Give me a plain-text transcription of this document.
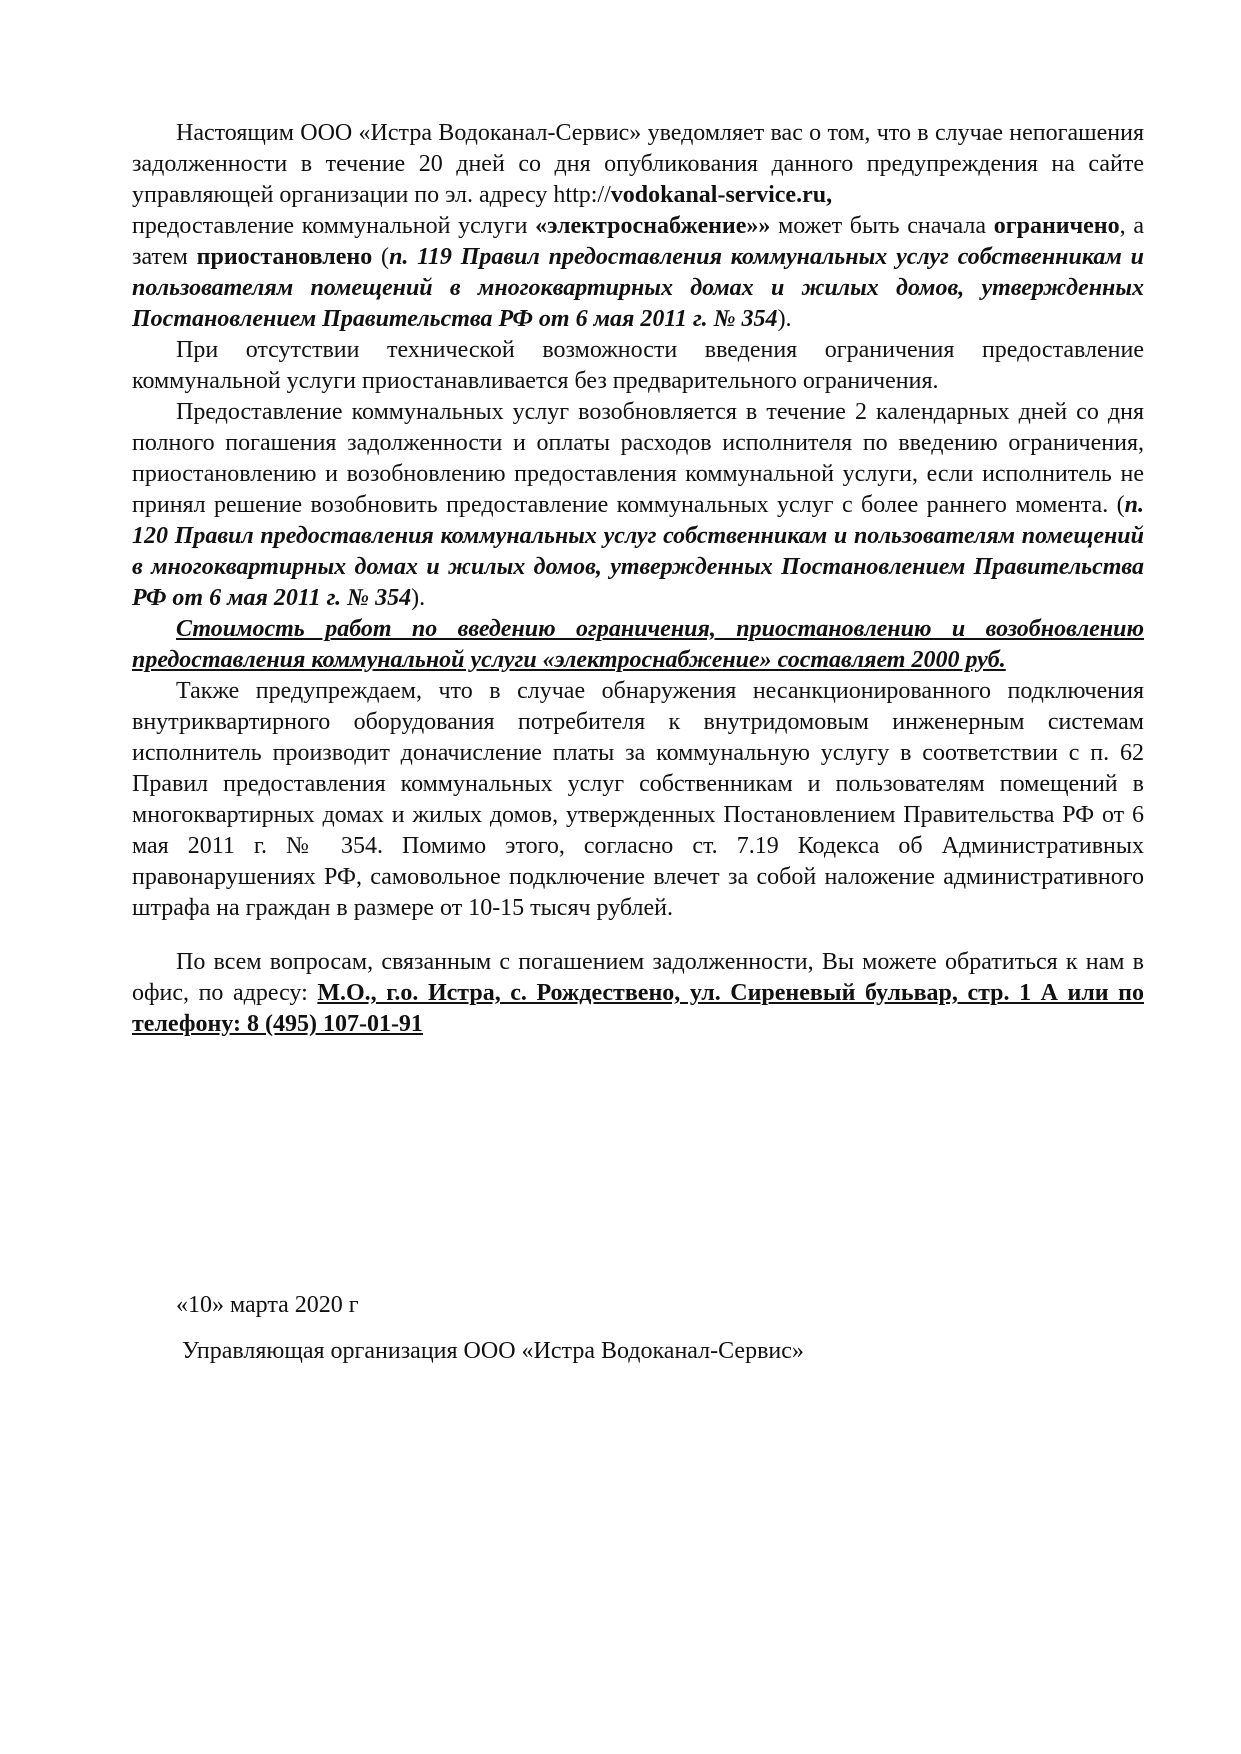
Настоящим ООО «Истра Водоканал-Сервис» уведомляет вас о том, что в случае непогашения задолженности в течение 20 дней со дня опубликования данного предупреждения на сайте управляющей организации по эл. адресу http://vodokanal-service.ru,

предоставление коммунальной услуги «электроснабжение»» может быть сначала ограничено, а затем приостановлено (п. 119 Правил предоставления коммунальных услуг собственникам и пользователям помещений в многоквартирных домах и жилых домов, утвержденных Постановлением Правительства РФ от 6 мая 2011 г. № 354).

При отсутствии технической возможности введения ограничения предоставление коммунальной услуги приостанавливается без предварительного ограничения.

Предоставление коммунальных услуг возобновляется в течение 2 календарных дней со дня полного погашения задолженности и оплаты расходов исполнителя по введению ограничения, приостановлению и возобновлению предоставления коммунальной услуги, если исполнитель не принял решение возобновить предоставление коммунальных услуг с более раннего момента. (п. 120 Правил предоставления коммунальных услуг собственникам и пользователям помещений в многоквартирных домах и жилых домов, утвержденных Постановлением Правительства РФ от 6 мая 2011 г. № 354).

Стоимость работ по введению ограничения, приостановлению и возобновлению предоставления коммунальной услуги «электроснабжение» составляет 2000 руб.

Также предупреждаем, что в случае обнаружения несанкционированного подключения внутриквартирного оборудования потребителя к внутридомовым инженерным системам исполнитель производит доначисление платы за коммунальную услугу в соответствии с п. 62 Правил предоставления коммунальных услуг собственникам и пользователям помещений в многоквартирных домах и жилых домов, утвержденных Постановлением Правительства РФ от 6 мая 2011 г. № 354. Помимо этого, согласно ст. 7.19 Кодекса об Административных правонарушениях РФ, самовольное подключение влечет за собой наложение административного штрафа на граждан в размере от 10-15 тысяч рублей.

По всем вопросам, связанным с погашением задолженности, Вы можете обратиться к нам в офис, по адресу: М.О., г.о. Истра, с. Рождествено, ул. Сиреневый бульвар, стр. 1 А или по телефону: 8 (495) 107-01-91

«10» марта 2020 г
Управляющая организация ООО «Истра Водоканал-Сервис»
